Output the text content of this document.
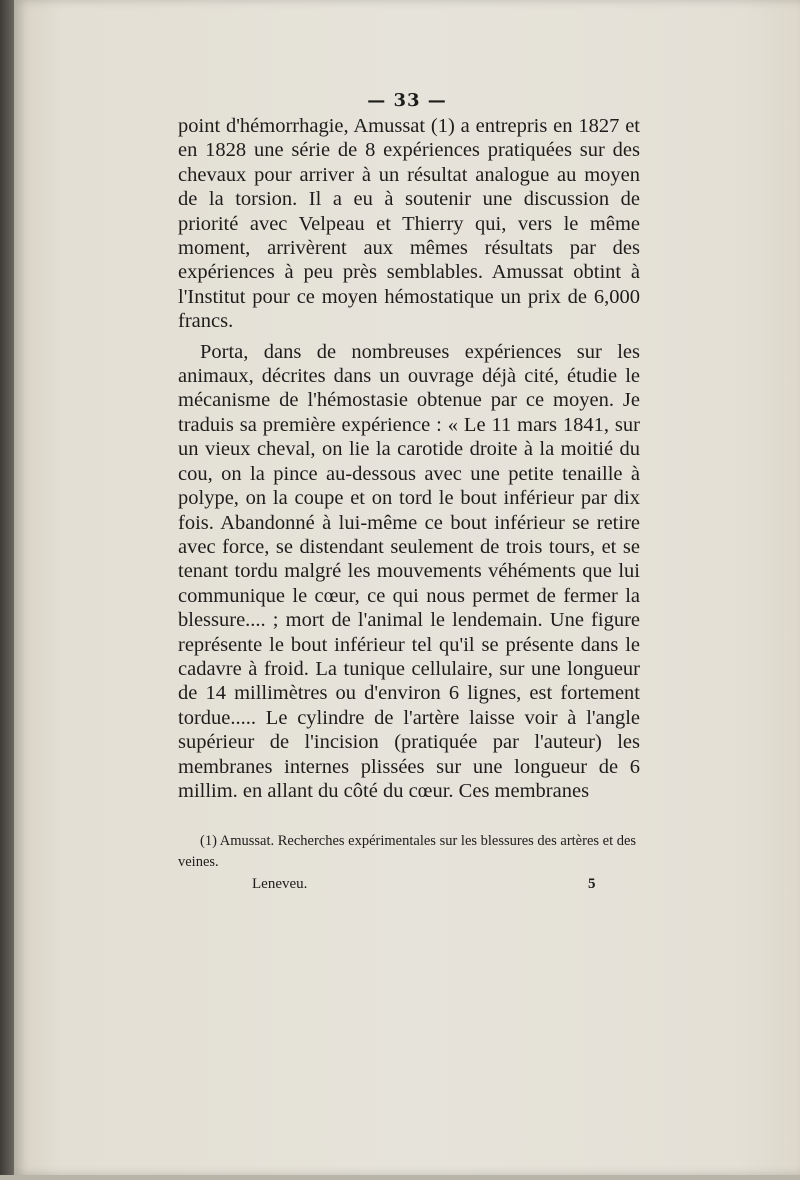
— 33 —

point d'hémorrhagie, Amussat (1) a entrepris en 1827 et en 1828 une série de 8 expériences pratiquées sur des chevaux pour arriver à un résultat analogue au moyen de la torsion. Il a eu à soutenir une discussion de priorité avec Velpeau et Thierry qui, vers le même moment, arrivèrent aux mêmes résultats par des expériences à peu près semblables. Amussat obtint à l'Institut pour ce moyen hémostatique un prix de 6,000 francs.

Porta, dans de nombreuses expériences sur les animaux, décrites dans un ouvrage déjà cité, étudie le mécanisme de l'hémostasie obtenue par ce moyen. Je traduis sa première expérience : « Le 11 mars 1841, sur un vieux cheval, on lie la carotide droite à la moitié du cou, on la pince au-dessous avec une petite tenaille à polype, on la coupe et on tord le bout inférieur par dix fois. Abandonné à lui-même ce bout inférieur se retire avec force, se distendant seulement de trois tours, et se tenant tordu malgré les mouvements véhéments que lui communique le cœur, ce qui nous permet de fermer la blessure.... ; mort de l'animal le lendemain. Une figure représente le bout inférieur tel qu'il se présente dans le cadavre à froid. La tunique cellulaire, sur une longueur de 14 millimètres ou d'environ 6 lignes, est fortement tordue..... Le cylindre de l'artère laisse voir à l'angle supérieur de l'incision (pratiquée par l'auteur) les membranes internes plissées sur une longueur de 6 millim. en allant du côté du cœur. Ces membranes

(1) Amussat. Recherches expérimentales sur les blessures des artères et des veines.
Leneveu.	5
